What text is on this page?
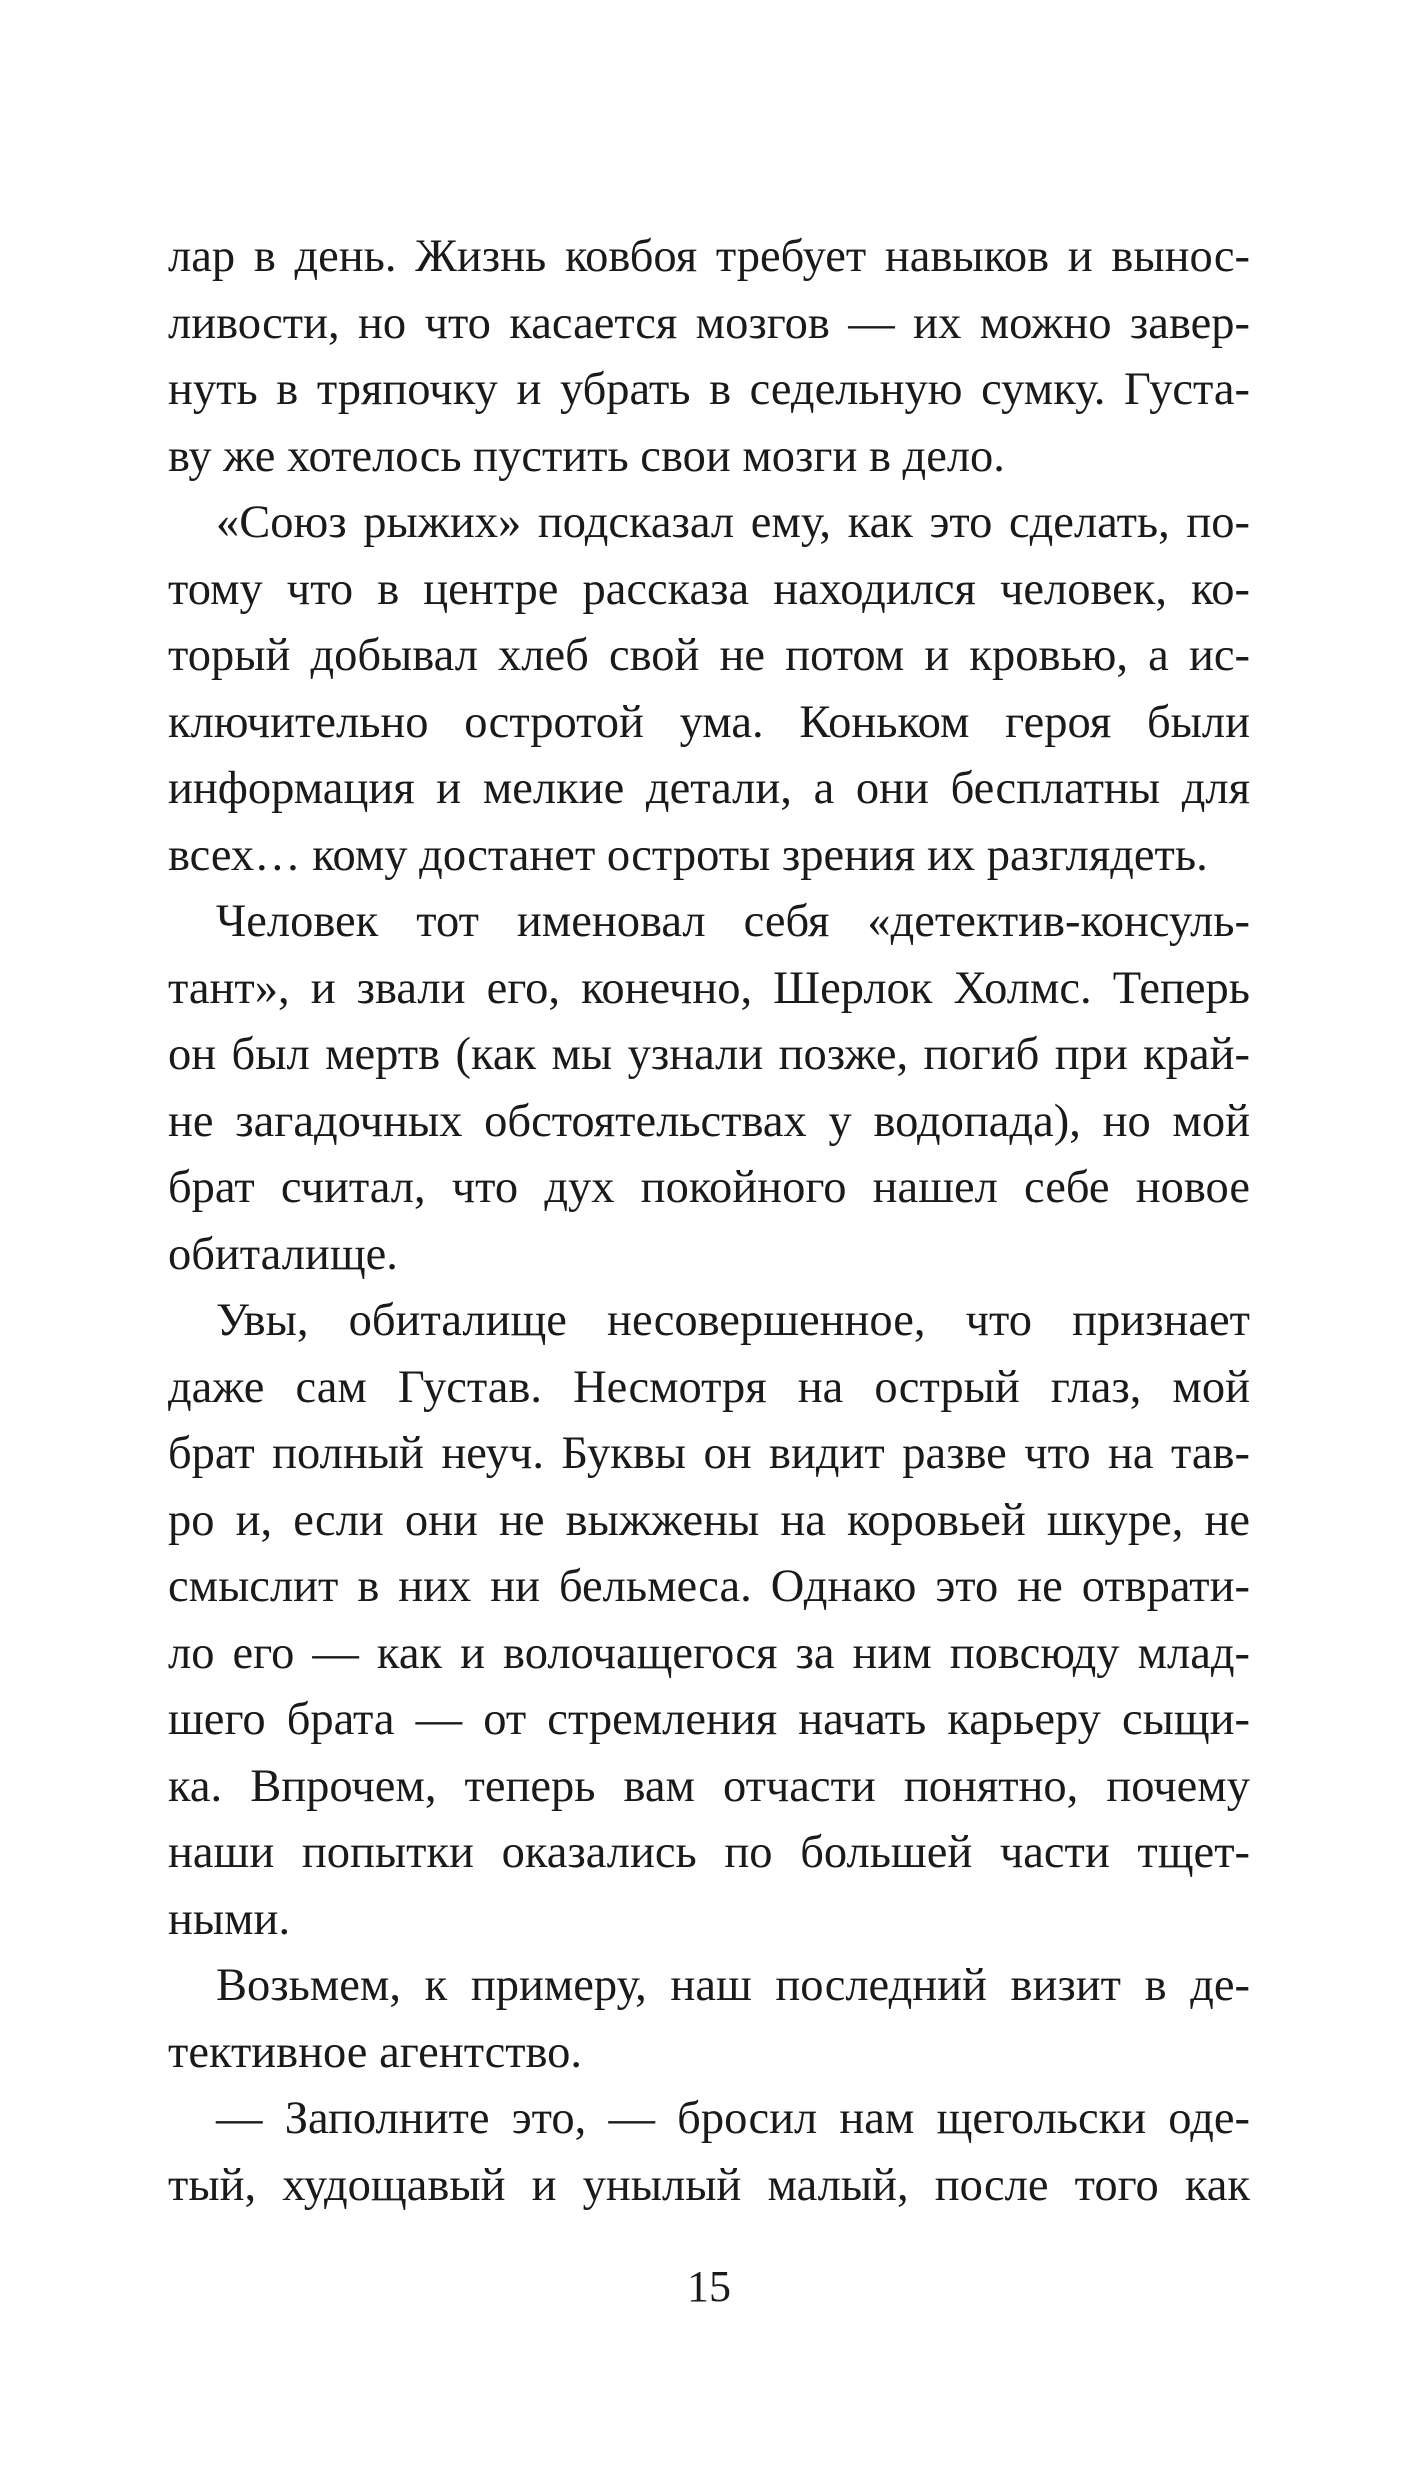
лар в день. Жизнь ковбоя требует навыков и вынос-
ливости, но что касается мозгов — их можно завер-
нуть в тряпочку и убрать в седельную сумку. Густа-
ву же хотелось пустить свои мозги в дело.

«Союз рыжих» подсказал ему, как это сделать, по-
тому что в центре рассказа находился человек, ко-
торый добывал хлеб свой не потом и кровью, а ис-
ключительно остротой ума. Коньком героя были
информация и мелкие детали, а они бесплатны для
всех… кому достанет остроты зрения их разглядеть.

Человек тот именовал себя «детектив-консуль-
тант», и звали его, конечно, Шерлок Холмс. Теперь
он был мертв (как мы узнали позже, погиб при край-
не загадочных обстоятельствах у водопада), но мой
брат считал, что дух покойного нашел себе новое
обиталище.

Увы, обиталище несовершенное, что признает
даже сам Густав. Несмотря на острый глаз, мой
брат полный неуч. Буквы он видит разве что на тав-
ро и, если они не выжжены на коровьей шкуре, не
смыслит в них ни бельмеса. Однако это не отврати-
ло его — как и волочащегося за ним повсюду млад-
шего брата — от стремления начать карьеру сыщи-
ка. Впрочем, теперь вам отчасти понятно, почему
наши попытки оказались по большей части тщет-
ными.

Возьмем, к примеру, наш последний визит в де-
тективное агентство.

— Заполните это, — бросил нам щегольски оде-
тый, худощавый и унылый малый, после того как

15
